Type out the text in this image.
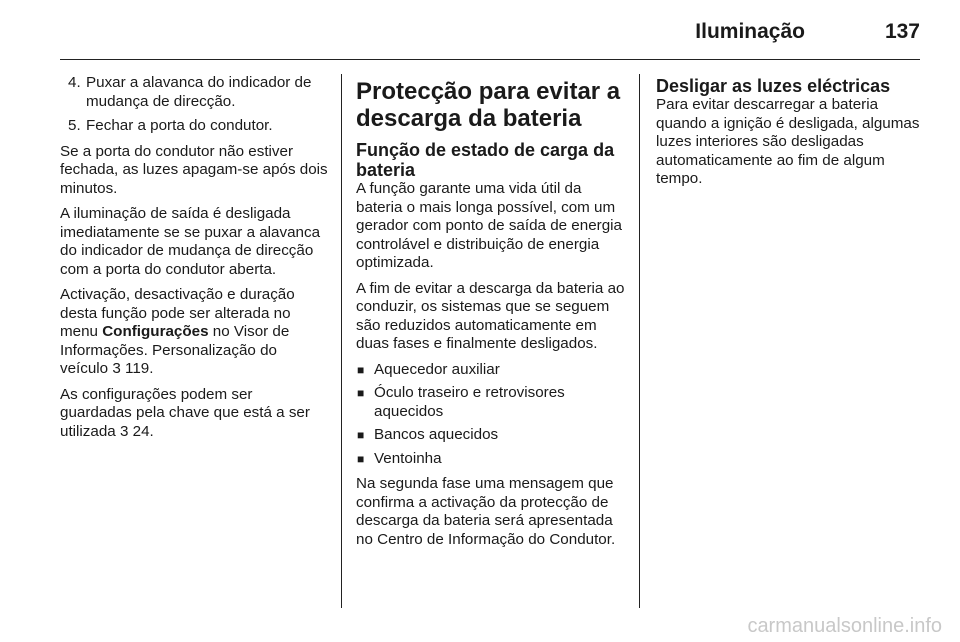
Iluminação	137
4. Puxar a alavanca do indicador de mudança de direcção.
5. Fechar a porta do condutor.

Se a porta do condutor não estiver fechada, as luzes apagam-se após dois minutos.

A iluminação de saída é desligada imediatamente se se puxar a alavanca do indicador de mudança de direcção com a porta do condutor aberta.

Activação, desactivação e duração desta função pode ser alterada no menu Configurações no Visor de Informações. Personalização do veículo 3 119.

As configurações podem ser guardadas pela chave que está a ser utilizada 3 24.

Protecção para evitar a descarga da bateria
Função de estado de carga da bateria

A função garante uma vida útil da bateria o mais longa possível, com um gerador com ponto de saída de energia controlável e distribuição de energia optimizada.

A fim de evitar a descarga da bateria ao conduzir, os sistemas que se seguem são reduzidos automaticamente em duas fases e finalmente desligados.

■ Aquecedor auxiliar
■ Óculo traseiro e retrovisores aquecidos
■ Bancos aquecidos
■ Ventoinha

Na segunda fase uma mensagem que confirma a activação da protecção de descarga da bateria será apresentada no Centro de Informação do Condutor.

Desligar as luzes eléctricas

Para evitar descarregar a bateria quando a ignição é desligada, algumas luzes interiores são desligadas automaticamente ao fim de algum tempo.

carmanualsonline.info
